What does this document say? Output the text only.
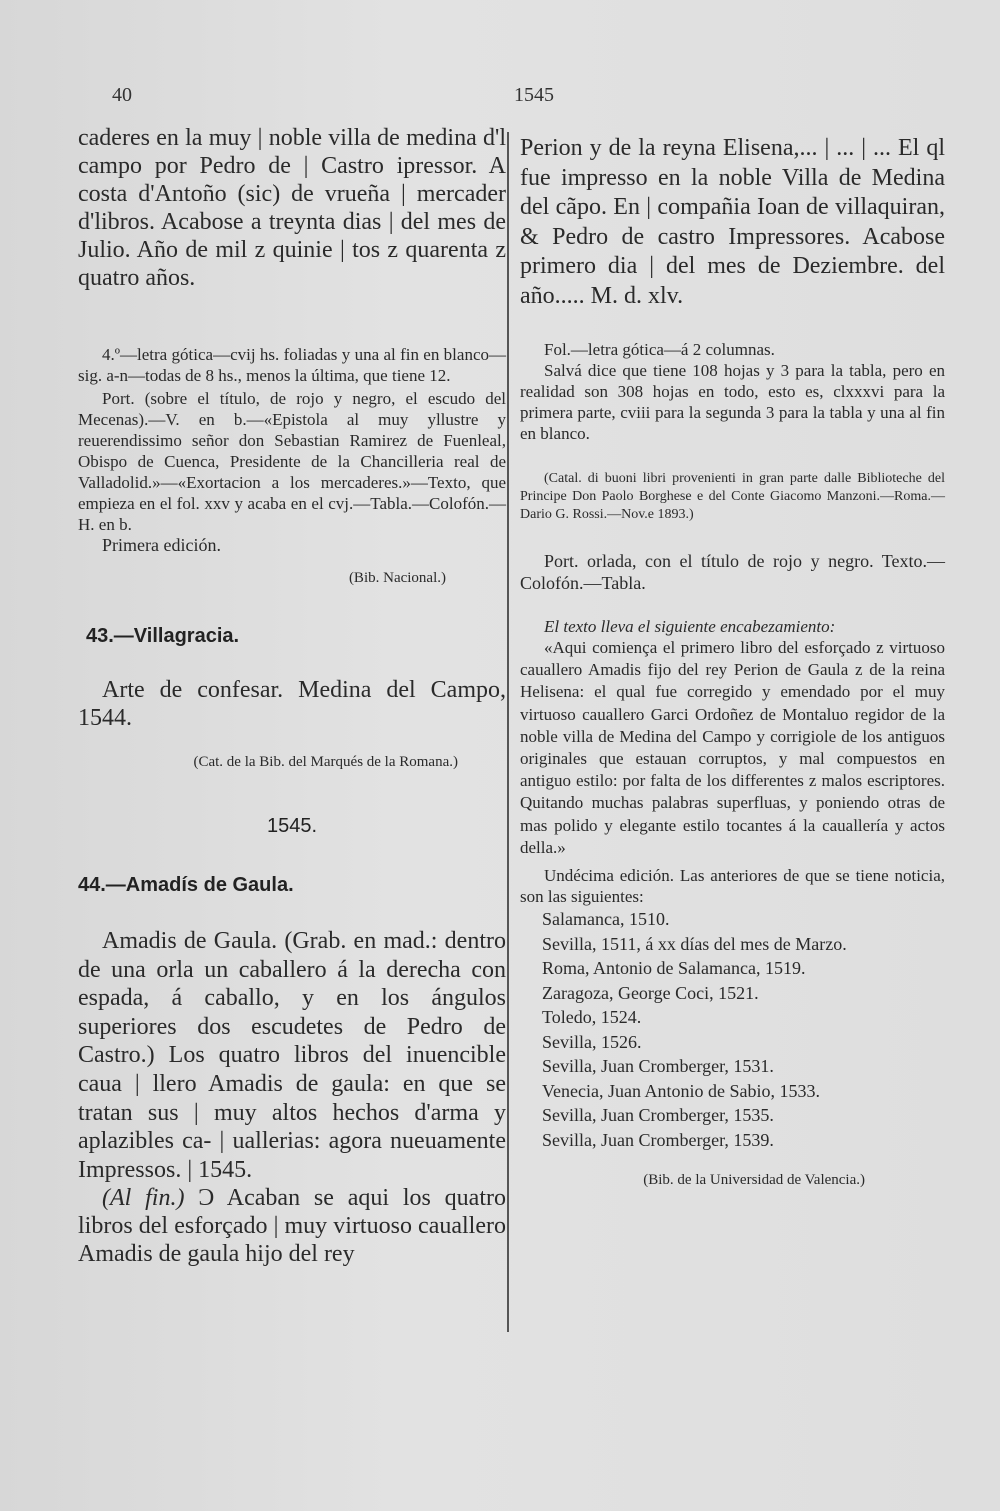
40	1545

caderes en la muy | noble villa de medina d'l campo por Pedro de | Castro ipressor. A costa d'Antoño (sic) de vrueña | mercader d'libros. Acabose a treynta dias | del mes de Julio. Año de mil z quinie | tos z quarenta z quatro años.

4.º—letra gótica—cvij hs. foliadas y una al fin en blanco—sig. a-n—todas de 8 hs., menos la última, que tiene 12.

Port. (sobre el título, de rojo y negro, el escudo del Mecenas).—V. en b.—«Epistola al muy yllustre y reuerendissimo señor don Sebastian Ramirez de Fuenleal, Obispo de Cuenca, Presidente de la Chancilleria real de Valladolid.»—«Exortacion a los mercaderes.»—Texto, que empieza en el fol. xxv y acaba en el cvj.—Tabla.—Colofón.—H. en b.

Primera edición.

(Bib. Nacional.)

43.—Villagracia.

Arte de confesar. Medina del Campo, 1544.

(Cat. de la Bib. del Marqués de la Romana.)

1545.

44.—Amadís de Gaula.

Amadis de Gaula. (Grab. en mad.: dentro de una orla un caballero á la derecha con espada, á caballo, y en los ángulos superiores dos escudetes de Pedro de Castro.) Los quatro libros del inuencible caua | llero Amadis de gaula: en que se tratan sus | muy altos hechos d'arma y aplazibles ca- | uallerias: agora nueuamente Impressos. | 1545.

(Al fin.) Ɔ Acaban se aqui los quatro libros del esforçado | muy virtuoso cauallero Amadis de gaula hijo del rey

Perion y de la reyna Elisena,... | ... | ... El ql fue impresso en la noble Villa de Medina del cãpo. En | compañia Ioan de villaquiran, & Pedro de castro Impressores. Acabose primero dia | del mes de Deziembre. del año..... M. d. xlv.

Fol.—letra gótica—á 2 columnas.

Salvá dice que tiene 108 hojas y 3 para la tabla, pero en realidad son 308 hojas en todo, esto es, clxxxvi para la primera parte, cviii para la segunda 3 para la tabla y una al fin en blanco.

(Catal. di buoni libri provenienti in gran parte dalle Biblioteche del Principe Don Paolo Borghese e del Conte Giacomo Manzoni.—Roma.—Dario G. Rossi.—Nov.e 1893.)

Port. orlada, con el título de rojo y negro. Texto.—Colofón.—Tabla.

El texto lleva el siguiente encabezamiento:

«Aqui comiença el primero libro del esforçado z virtuoso cauallero Amadis fijo del rey Perion de Gaula z de la reina Helisena: el qual fue corregido y emendado por el muy virtuoso cauallero Garci Ordoñez de Montaluo regidor de la noble villa de Medina del Campo y corrigiole de los antiguos originales que estauan corruptos, y mal compuestos en antiguo estilo: por falta de los differentes z malos escriptores. Quitando muchas palabras superfluas, y poniendo otras de mas polido y elegante estilo tocantes á la cauallería y actos della.»

Undécima edición. Las anteriores de que se tiene noticia, son las siguientes:

Salamanca, 1510.

Sevilla, 1511, á xx días del mes de Marzo.

Roma, Antonio de Salamanca, 1519.

Zaragoza, George Coci, 1521.

Toledo, 1524.

Sevilla, 1526.

Sevilla, Juan Cromberger, 1531.

Venecia, Juan Antonio de Sabio, 1533.

Sevilla, Juan Cromberger, 1535.

Sevilla, Juan Cromberger, 1539.

(Bib. de la Universidad de Valencia.)
